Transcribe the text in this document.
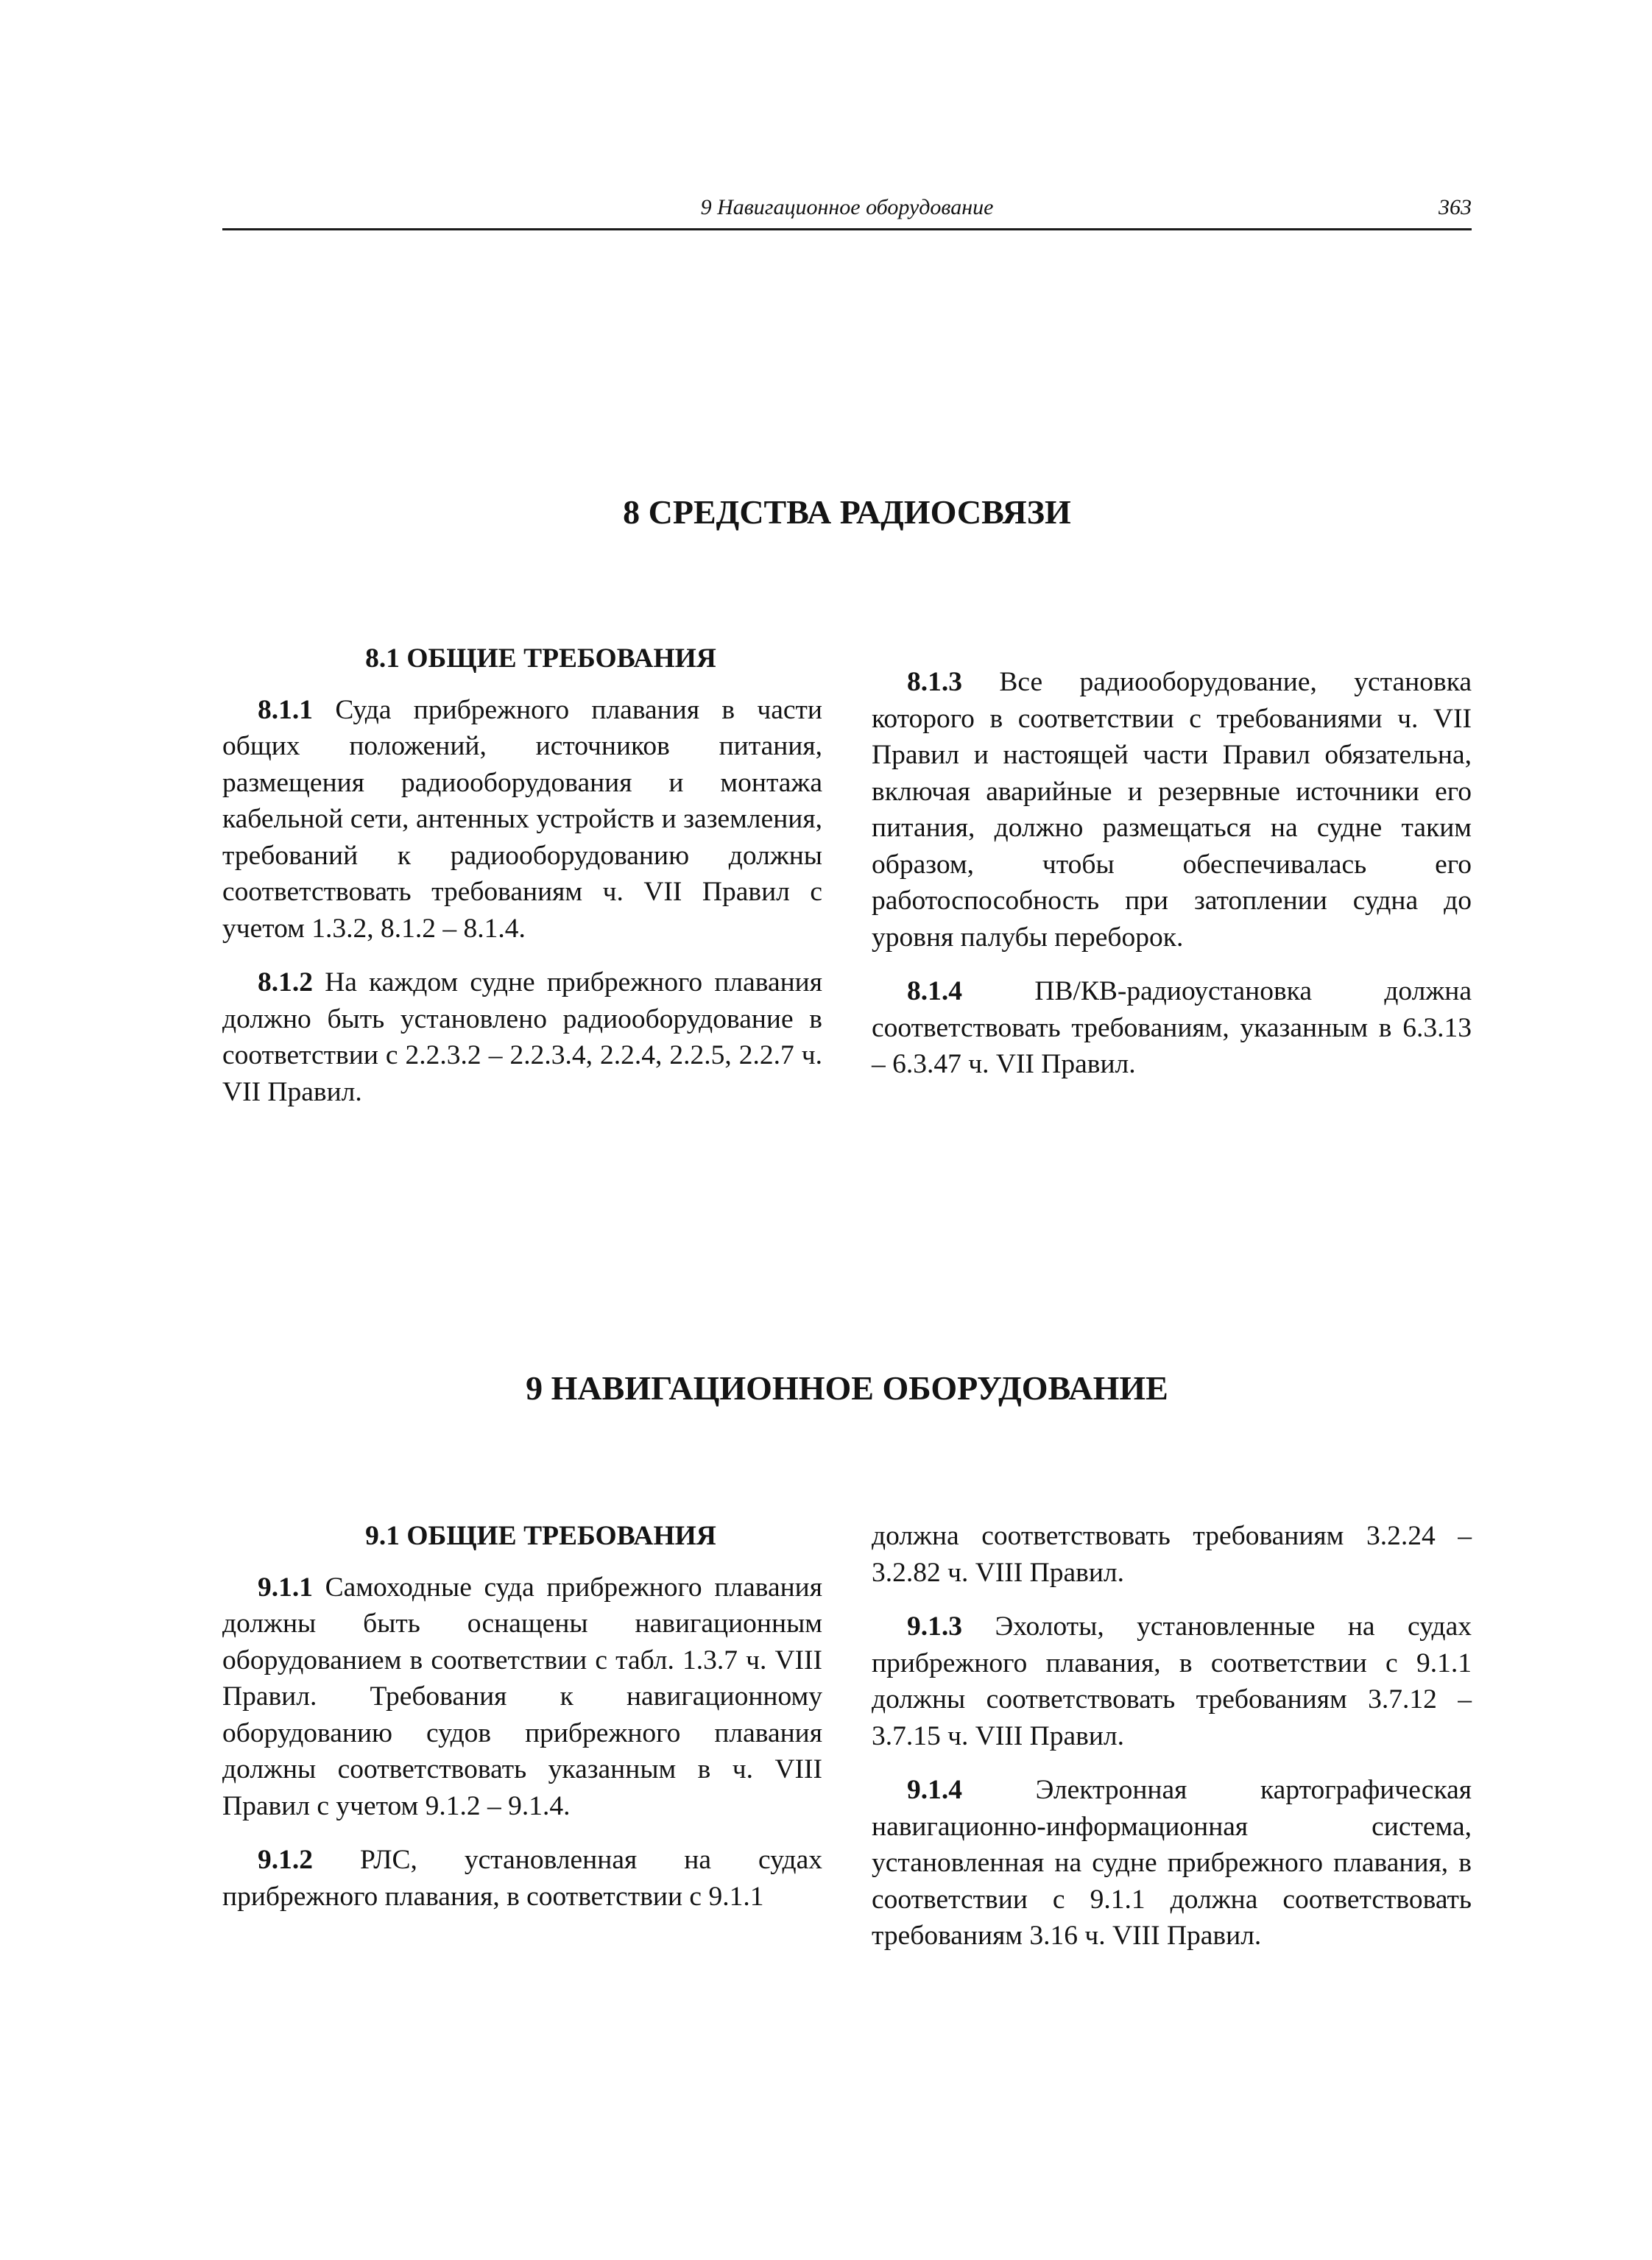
9 Навигационное оборудование	363
8 СРЕДСТВА РАДИОСВЯЗИ
8.1 ОБЩИЕ ТРЕБОВАНИЯ

8.1.1 Суда прибрежного плавания в части общих положений, источников питания, размещения радиооборудования и монтажа кабельной сети, антенных устройств и заземления, требований к радиооборудованию должны соответствовать требованиям ч. VII Правил с учетом 1.3.2, 8.1.2 – 8.1.4.

8.1.2 На каждом судне прибрежного плавания должно быть установлено радиооборудование в соответствии с 2.2.3.2 – 2.2.3.4, 2.2.4, 2.2.5, 2.2.7 ч. VII Правил.

8.1.3 Все радиооборудование, установка которого в соответствии с требованиями ч. VII Правил и настоящей части Правил обязательна, включая аварийные и резервные источники его питания, должно размещаться на судне таким образом, чтобы обеспечивалась его работоспособность при затоплении судна до уровня палубы переборок.

8.1.4	ПВ/КВ-радиоустановка должна соответствовать требованиям, указанным в 6.3.13 – 6.3.47 ч. VII Правил.

9 НАВИГАЦИОННОЕ ОБОРУДОВАНИЕ
9.1 ОБЩИЕ ТРЕБОВАНИЯ

9.1.1 Самоходные суда прибрежного плавания должны быть оснащены навигационным оборудованием в соответствии с табл. 1.3.7 ч. VIII Правил. Требования к навигационному оборудованию судов прибрежного плавания должны соответствовать указанным в ч. VIII Правил с учетом 9.1.2 – 9.1.4.

9.1.2 РЛС, установленная на судах прибрежного плавания, в соответствии с 9.1.1

должна соответствовать требованиям 3.2.24 – 3.2.82 ч. VIII Правил.

9.1.3 Эхолоты, установленные на судах прибрежного плавания, в соответствии с 9.1.1 должны соответствовать требованиям 3.7.12 – 3.7.15 ч. VIII Правил.

9.1.4	Электронная картографическая навигационно-информационная система, установленная на судне прибрежного плавания, в соответствии с 9.1.1 должна соответствовать требованиям 3.16 ч. VIII Правил.
